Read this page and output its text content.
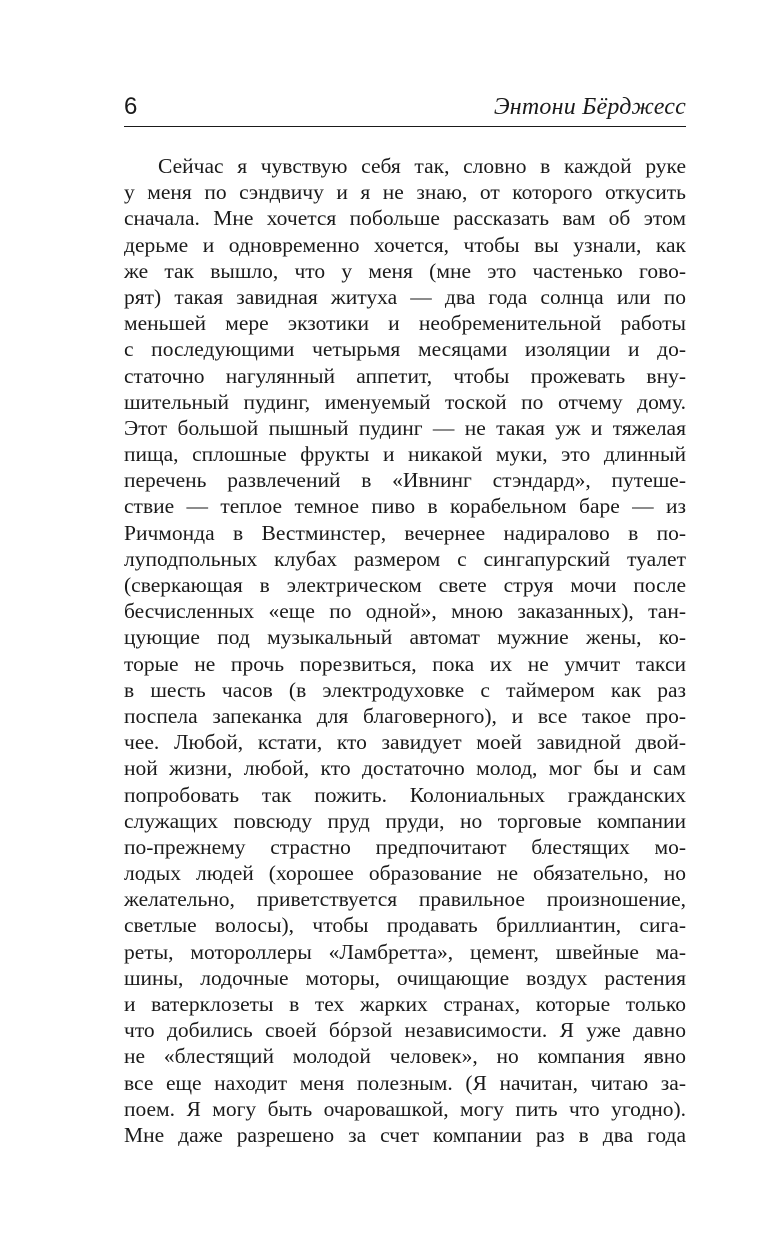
6	Энтони Бёрджесс
Сейчас я чувствую себя так, словно в каждой руке
у меня по сэндвичу и я не знаю, от которого откусить
сначала. Мне хочется побольше рассказать вам об этом
дерьме и одновременно хочется, чтобы вы узнали, как
же так вышло, что у меня (мне это частенько гово-
рят) такая завидная житуха — два года солнца или по
меньшей мере экзотики и необременительной работы
с последующими четырьмя месяцами изоляции и до-
статочно нагулянный аппетит, чтобы прожевать вну-
шительный пудинг, именуемый тоской по отчему дому.
Этот большой пышный пудинг — не такая уж и тяжелая
пища, сплошные фрукты и никакой муки, это длинный
перечень развлечений в «Ивнинг стэндард», путеше-
ствие — теплое темное пиво в корабельном баре — из
Ричмонда в Вестминстер, вечернее надиралово в по-
луподпольных клубах размером с сингапурский туалет
(сверкающая в электрическом свете струя мочи после
бесчисленных «еще по одной», мною заказанных), тан-
цующие под музыкальный автомат мужние жены, ко-
торые не прочь порезвиться, пока их не умчит такси
в шесть часов (в электродуховке с таймером как раз
поспела запеканка для благоверного), и все такое про-
чее. Любой, кстати, кто завидует моей завидной двой-
ной жизни, любой, кто достаточно молод, мог бы и сам
попробовать так пожить. Колониальных гражданских
служащих повсюду пруд пруди, но торговые компании
по-прежнему страстно предпочитают блестящих мо-
лодых людей (хорошее образование не обязательно, но
желательно, приветствуется правильное произношение,
светлые волосы), чтобы продавать бриллиантин, сига-
реты, мотороллеры «Ламбретта», цемент, швейные ма-
шины, лодочные моторы, очищающие воздух растения
и ватерклозеты в тех жарких странах, которые только
что добились своей бóрзой независимости. Я уже давно
не «блестящий молодой человек», но компания явно
все еще находит меня полезным. (Я начитан, читаю за-
поем. Я могу быть очаровашкой, могу пить что угодно).
Мне даже разрешено за счет компании раз в два года
